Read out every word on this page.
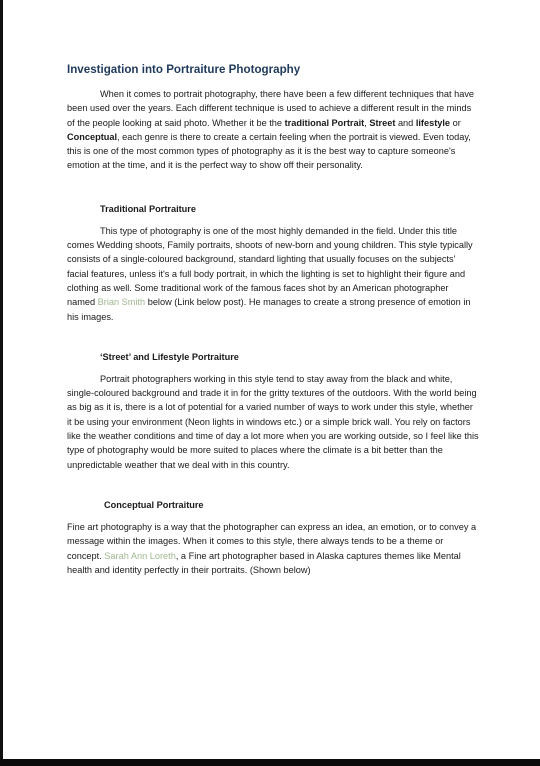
Investigation into Portraiture Photography

When it comes to portrait photography, there have been a few different techniques that have been used over the years. Each different technique is used to achieve a different result in the minds of the people looking at said photo. Whether it be the traditional Portrait, Street and lifestyle or Conceptual, each genre is there to create a certain feeling when the portrait is viewed. Even today, this is one of the most common types of photography as it is the best way to capture someone's emotion at the time, and it is the perfect way to show off their personality.

Traditional Portraiture

This type of photography is one of the most highly demanded in the field. Under this title comes Wedding shoots, Family portraits, shoots of new-born and young children. This style typically consists of a single-coloured background, standard lighting that usually focuses on the subjects' facial features, unless it's a full body portrait, in which the lighting is set to highlight their figure and clothing as well. Some traditional work of the famous faces shot by an American photographer named Brian Smith below (Link below post). He manages to create a strong presence of emotion in his images.

‘Street’ and Lifestyle Portraiture

Portrait photographers working in this style tend to stay away from the black and white, single-coloured background and trade it in for the gritty textures of the outdoors. With the world being as big as it is, there is a lot of potential for a varied number of ways to work under this style, whether it be using your environment (Neon lights in windows etc.) or a simple brick wall. You rely on factors like the weather conditions and time of day a lot more when you are working outside, so I feel like this type of photography would be more suited to places where the climate is a bit better than the unpredictable weather that we deal with in this country.

Conceptual Portraiture

Fine art photography is a way that the photographer can express an idea, an emotion, or to convey a message within the images. When it comes to this style, there always tends to be a theme or concept. Sarah Ann Loreth, a Fine art photographer based in Alaska captures themes like Mental health and identity perfectly in their portraits. (Shown below)
